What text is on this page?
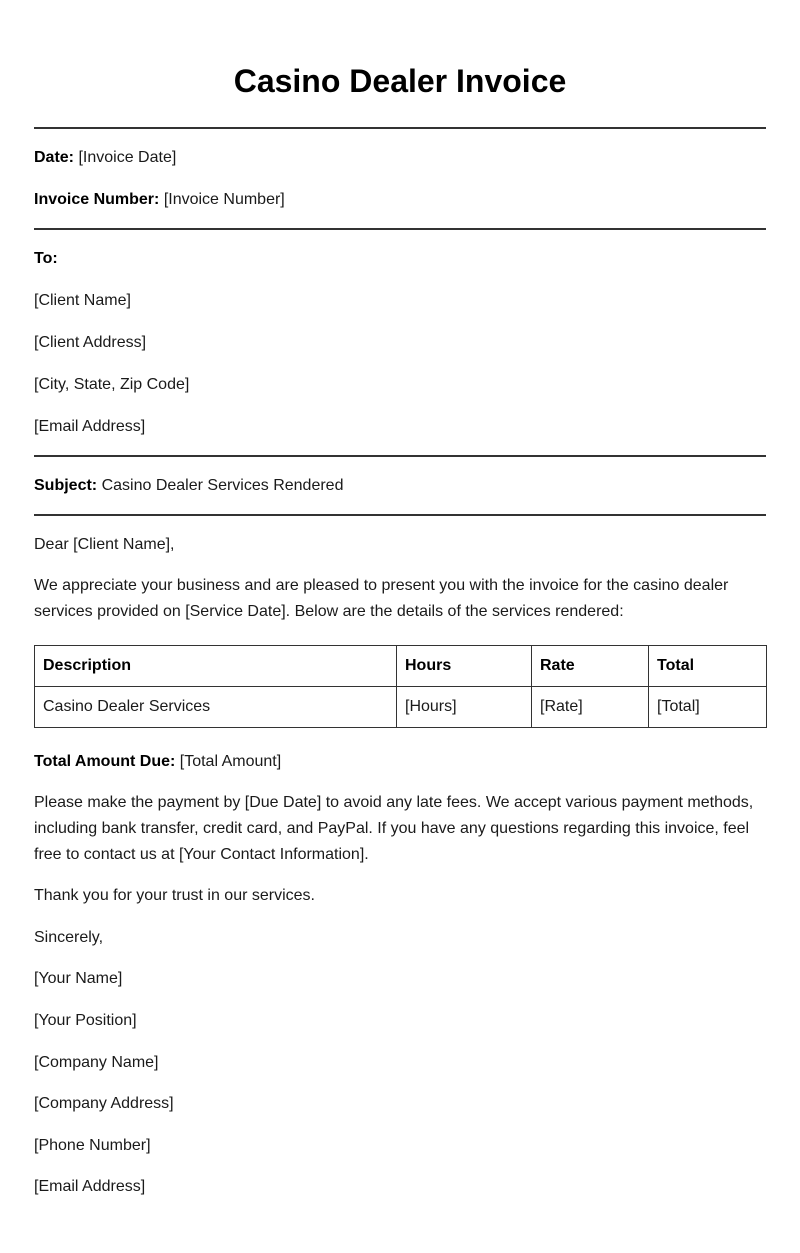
Casino Dealer Invoice

Date: [Invoice Date]

Invoice Number: [Invoice Number]

To:

[Client Name]

[Client Address]

[City, State, Zip Code]

[Email Address]

Subject: Casino Dealer Services Rendered

Dear [Client Name],

We appreciate your business and are pleased to present you with the invoice for the casino dealer services provided on [Service Date]. Below are the details of the services rendered:

Description	Hours	Rate	Total
Casino Dealer Services	[Hours]	[Rate]	[Total]

Total Amount Due: [Total Amount]

Please make the payment by [Due Date] to avoid any late fees. We accept various payment methods, including bank transfer, credit card, and PayPal. If you have any questions regarding this invoice, feel free to contact us at [Your Contact Information].

Thank you for your trust in our services.

Sincerely,

[Your Name]

[Your Position]

[Company Name]

[Company Address]

[Phone Number]

[Email Address]
